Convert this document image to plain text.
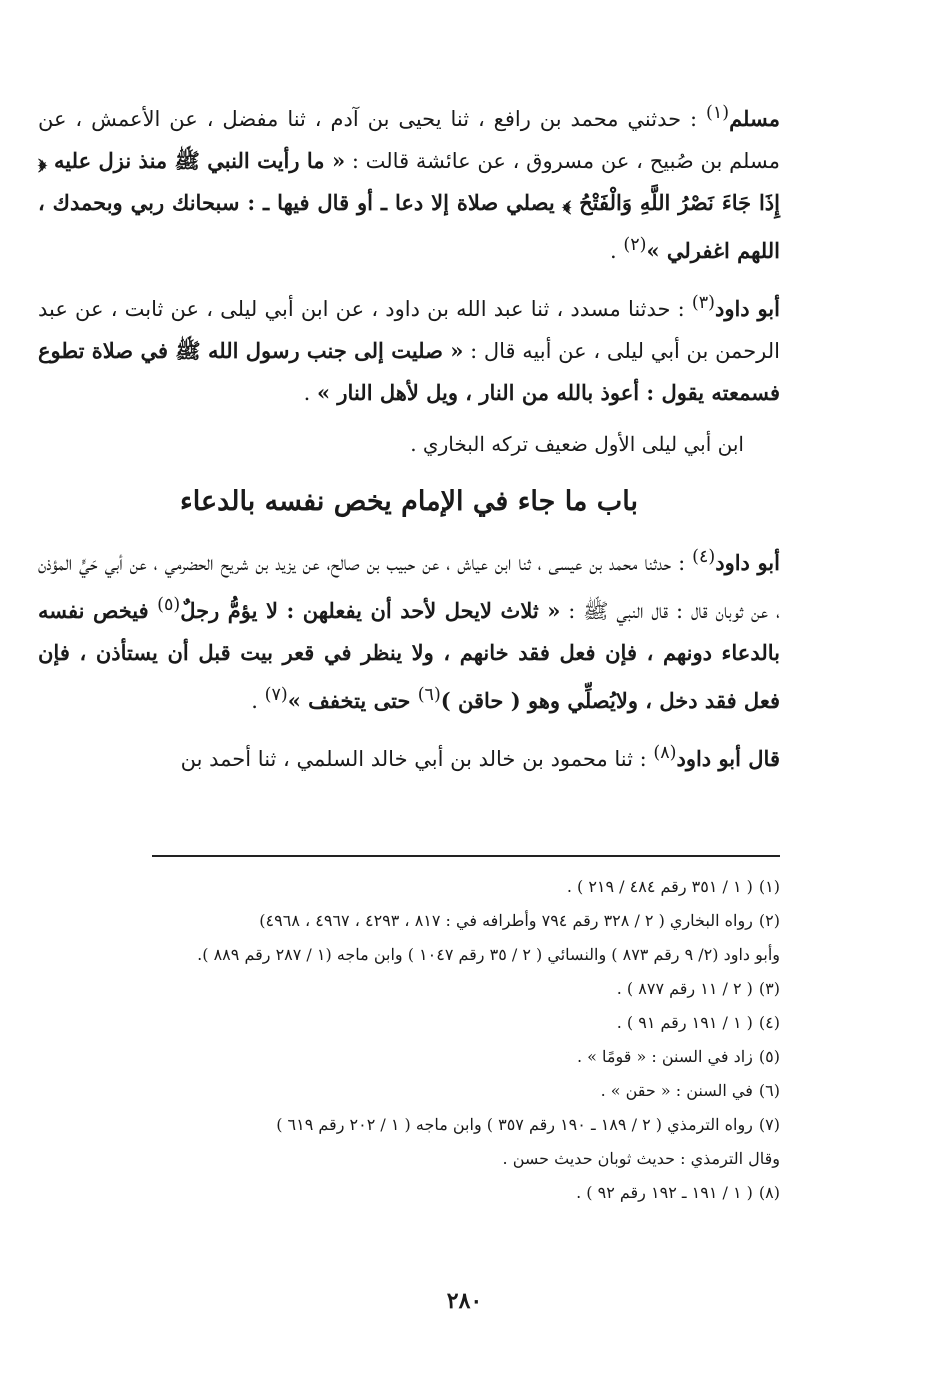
مسلم$^{(١)}$ : حدثني محمد بن رافع ، ثنا يحيى بن آدم ، ثنا مفضل ، عن الأعمش ، عن مسلم بن صُبيح ، عن مسروق ، عن عائشة قالت : « ما رأيت النبي ﷺ منذ نزل عليه ﴿ إِذَا جَاءَ نَصْرُ اللَّهِ وَالْفَتْحُ ﴾ يصلي صلاة إلا دعا ـ أو قال فيها ـ : سبحانك ربي وبحمدك ، اللهم اغفرلي »$^{(٢)}$ .

أبو داود$^{(٣)}$ : حدثنا مسدد ، ثنا عبد الله بن داود ، عن ابن أبي ليلى ، عن ثابت ، عن عبد الرحمن بن أبي ليلى ، عن أبيه قال : « صليت إلى جنب رسول الله ﷺ في صلاة تطوع فسمعته يقول : أعوذ بالله من النار ، ويل لأهل النار » .

ابن أبي ليلى الأول ضعيف تركه البخاري .

باب ما جاء في الإمام يخص نفسه بالدعاء

أبو داود$^{(٤)}$ : حدثنا محمد بن عيسى ، ثنا ابن عياش ، عن حبيب بن صالح، عن يزيد بن شريح الحضرمي ، عن أبي حَيٍّ المؤذن ، عن ثوبان قال : قال النبي ﷺ : « ثلاث لايحل لأحد أن يفعلهن : لا يؤمُّ رجلٌ$^{(٥)}$ فيخص نفسه بالدعاء دونهم ، فإن فعل فقد خانهم ، ولا ينظر في قعر بيت قبل أن يستأذن ، فإن فعل فقد دخل ، ولايُصلِّي وهو ( حاقن )$^{(٦)}$ حتى يتخفف »$^{(٧)}$ .

قال أبو داود$^{(٨)}$ : ثنا محمود بن خالد بن أبي خالد السلمي ، ثنا أحمد بن

(١)( ١ / ٣٥١ رقم ٤٨٤ / ٢١٩ ) .
(٢)رواه البخاري ( ٢ / ٣٢٨ رقم ٧٩٤ وأطرافه في : ٨١٧ ، ٤٢٩٣ ، ٤٩٦٧ ، ٤٩٦٨)
وأبو داود (٢/ ٩ رقم ٨٧٣ ) والنسائي ( ٢ / ٣٥ رقم ١٠٤٧ ) وابن ماجه (١ / ٢٨٧ رقم ٨٨٩ ).
(٣)( ٢ / ١١ رقم ٨٧٧ ) .
(٤)( ١ / ١٩١ رقم ٩١ ) .
(٥)زاد في السنن : « قومًا » .
(٦)في السنن : « حقن » .
(٧)رواه الترمذي ( ٢ / ١٨٩ ـ ١٩٠ رقم ٣٥٧ ) وابن ماجه ( ١ / ٢٠٢ رقم ٦١٩ )
وقال الترمذي : حديث ثوبان حديث حسن .
(٨)( ١ / ١٩١ ـ ١٩٢ رقم ٩٢ ) .
٢٨٠
